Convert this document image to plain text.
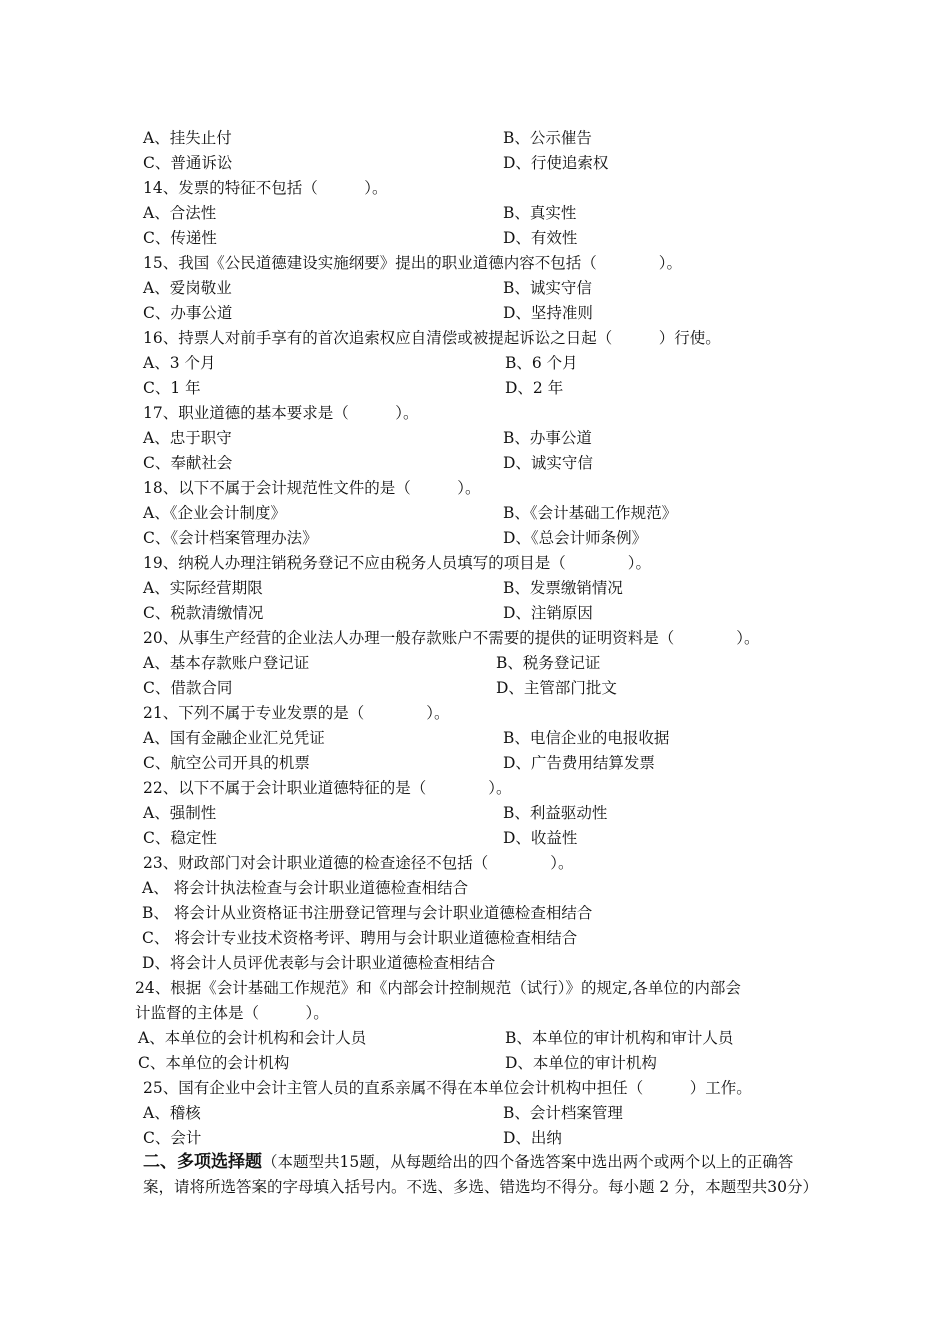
A、挂失止付	B、公示催告
C、普通诉讼	D、行使追索权
14、发票的特征不包括（　　　）。
A、合法性	B、真实性
C、传递性	D、有效性
15、我国《公民道德建设实施纲要》提出的职业道德内容不包括（　　　　）。
A、爱岗敬业	B、诚实守信
C、办事公道	D、坚持准则
16、持票人对前手享有的首次追索权应自清偿或被提起诉讼之日起（　　　）行使。
A、3 个月	B、6 个月
C、1 年	D、2 年
17、职业道德的基本要求是（　　　）。
A、忠于职守	B、办事公道
C、奉献社会	D、诚实守信
18、以下不属于会计规范性文件的是（　　　）。
A、《企业会计制度》	B、《会计基础工作规范》
C、《会计档案管理办法》	D、《总会计师条例》
19、纳税人办理注销税务登记不应由税务人员填写的项目是（　　　　）。
A、实际经营期限	B、发票缴销情况
C、税款清缴情况	D、注销原因
20、从事生产经营的企业法人办理一般存款账户不需要的提供的证明资料是（　　　　）。
A、基本存款账户登记证	B、税务登记证
C、借款合同	D、主管部门批文
21、下列不属于专业发票的是（　　　　）。
A、国有金融企业汇兑凭证	B、电信企业的电报收据
C、航空公司开具的机票	D、广告费用结算发票
22、以下不属于会计职业道德特征的是（　　　　）。
A、强制性	B、利益驱动性
C、稳定性	D、收益性
23、财政部门对会计职业道德的检查途径不包括（　　　　）。
A、 将会计执法检查与会计职业道德检查相结合
B、 将会计从业资格证书注册登记管理与会计职业道德检查相结合
C、 将会计专业技术资格考评、聘用与会计职业道德检查相结合
D、将会计人员评优表彰与会计职业道德检查相结合
24、根据《会计基础工作规范》和《内部会计控制规范（试行）》的规定,各单位的内部会
计监督的主体是（　　　）。
A、本单位的会计机构和会计人员	B、本单位的审计机构和审计人员
C、本单位的会计机构	D、本单位的审计机构
25、国有企业中会计主管人员的直系亲属不得在本单位会计机构中担任（　　　）工作。
A、稽核	B、会计档案管理
C、会计	D、出纳
二、多项选择题（本题型共15题，从每题给出的四个备选答案中选出两个或两个以上的正确答案，请将所选答案的字母填入括号内。不选、多选、错选均不得分。每小题 2 分，本题型共30分）
